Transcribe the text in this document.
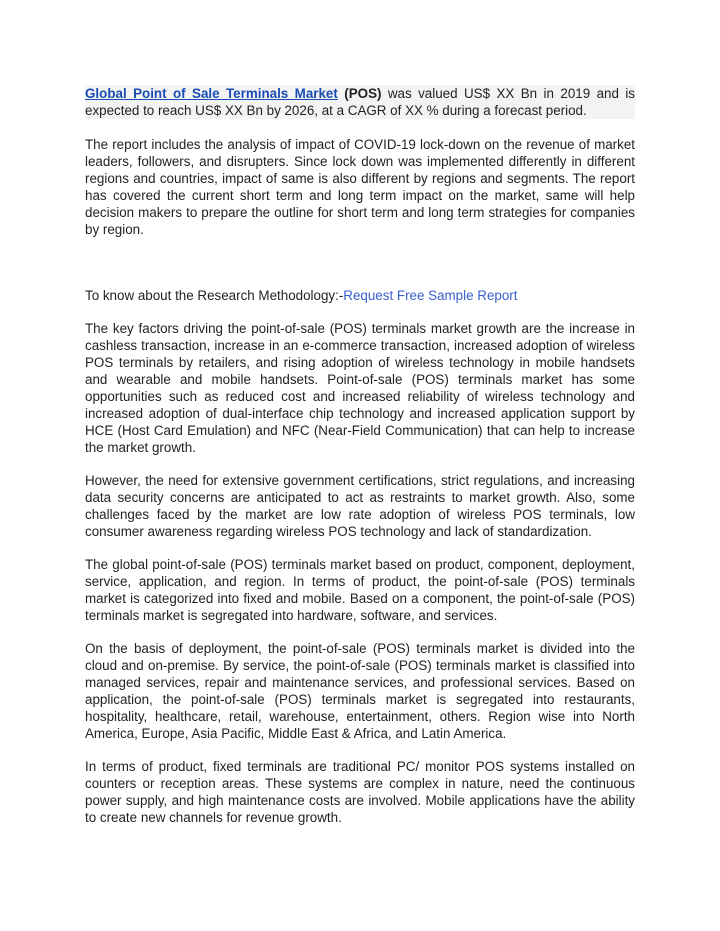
Global Point of Sale Terminals Market (POS) was valued US$ XX Bn in 2019 and is expected to reach US$ XX Bn by 2026, at a CAGR of XX % during a forecast period.

The report includes the analysis of impact of COVID-19 lock-down on the revenue of market leaders, followers, and disrupters. Since lock down was implemented differently in different regions and countries, impact of same is also different by regions and segments. The report has covered the current short term and long term impact on the market, same will help decision makers to prepare the outline for short term and long term strategies for companies by region.

To know about the Research Methodology:-Request Free Sample Report

The key factors driving the point-of-sale (POS) terminals market growth are the increase in cashless transaction, increase in an e-commerce transaction, increased adoption of wireless POS terminals by retailers, and rising adoption of wireless technology in mobile handsets and wearable and mobile handsets. Point-of-sale (POS) terminals market has some opportunities such as reduced cost and increased reliability of wireless technology and increased adoption of dual-interface chip technology and increased application support by HCE (Host Card Emulation) and NFC (Near-Field Communication) that can help to increase the market growth.

However, the need for extensive government certifications, strict regulations, and increasing data security concerns are anticipated to act as restraints to market growth. Also, some challenges faced by the market are low rate adoption of wireless POS terminals, low consumer awareness regarding wireless POS technology and lack of standardization.

The global point-of-sale (POS) terminals market based on product, component, deployment, service, application, and region. In terms of product, the point-of-sale (POS) terminals market is categorized into fixed and mobile. Based on a component, the point-of-sale (POS) terminals market is segregated into hardware, software, and services.

On the basis of deployment, the point-of-sale (POS) terminals market is divided into the cloud and on-premise. By service, the point-of-sale (POS) terminals market is classified into managed services, repair and maintenance services, and professional services. Based on application, the point-of-sale (POS) terminals market is segregated into restaurants, hospitality, healthcare, retail, warehouse, entertainment, others. Region wise into North America, Europe, Asia Pacific, Middle East & Africa, and Latin America.

In terms of product, fixed terminals are traditional PC/ monitor POS systems installed on counters or reception areas. These systems are complex in nature, need the continuous power supply, and high maintenance costs are involved. Mobile applications have the ability to create new channels for revenue growth.
